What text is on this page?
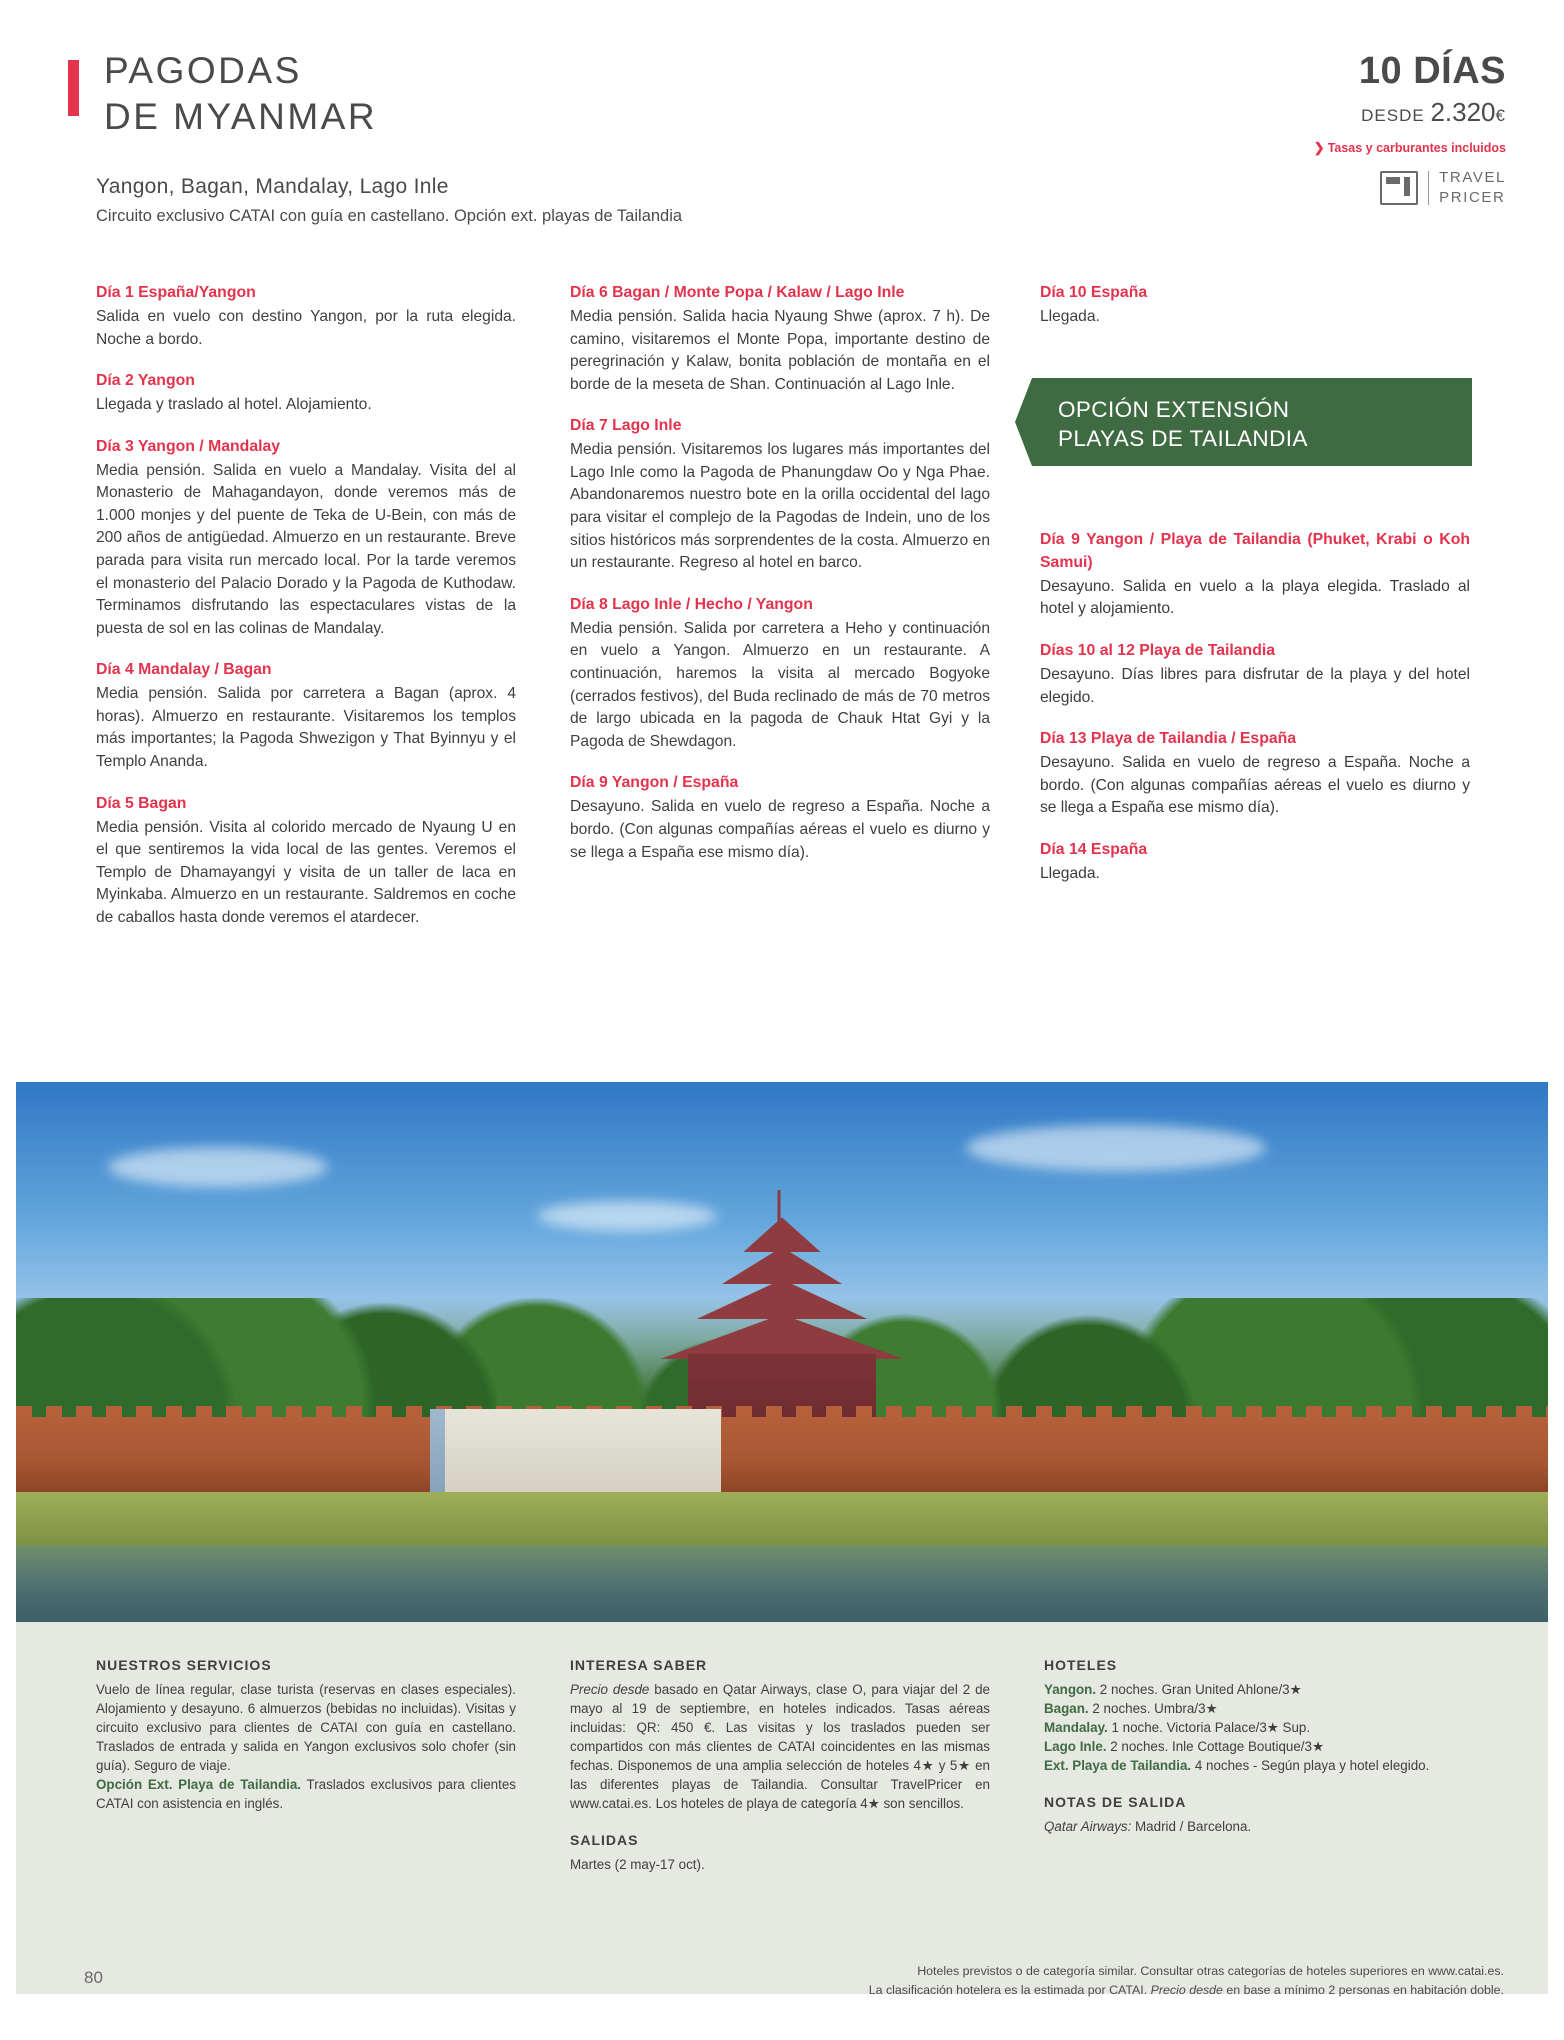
PAGODAS
DE MYANMAR
Yangon, Bagan, Mandalay, Lago Inle
Circuito exclusivo CATAI con guía en castellano. Opción ext. playas de Tailandia
10 DÍAS
DESDE 2.320€
❯ Tasas y carburantes incluidos
TRAVEL
PRICER
Día 1 España/Yangon
Salida en vuelo con destino Yangon, por la ruta elegida. Noche a bordo.
Día 2 Yangon
Llegada y traslado al hotel. Alojamiento.
Día 3 Yangon / Mandalay
Media pensión. Salida en vuelo a Mandalay. Visita del al Monasterio de Mahagandayon, donde veremos más de 1.000 monjes y del puente de Teka de U-Bein, con más de 200 años de antigüedad. Almuerzo en un restaurante. Breve parada para visita run mercado local. Por la tarde veremos el monasterio del Palacio Dorado y la Pagoda de Kuthodaw. Terminamos disfrutando las espectaculares vistas de la puesta de sol en las colinas de Mandalay.
Día 4 Mandalay / Bagan
Media pensión. Salida por carretera a Bagan (aprox. 4 horas). Almuerzo en restaurante. Visitaremos los templos más importantes; la Pagoda Shwezigon y That Byinnyu y el Templo Ananda.
Día 5 Bagan
Media pensión. Visita al colorido mercado de Nyaung U en el que sentiremos la vida local de las gentes. Veremos el Templo de Dhamayangyi y visita de un taller de laca en Myinkaba. Almuerzo en un restaurante. Saldremos en coche de caballos hasta donde veremos el atardecer.
Día 6 Bagan / Monte Popa / Kalaw / Lago Inle
Media pensión. Salida hacia Nyaung Shwe (aprox. 7 h). De camino, visitaremos el Monte Popa, importante destino de peregrinación y Kalaw, bonita población de montaña en el borde de la meseta de Shan. Continuación al Lago Inle.
Día 7 Lago Inle
Media pensión. Visitaremos los lugares más importantes del Lago Inle como la Pagoda de Phanungdaw Oo y Nga Phae. Abandonaremos nuestro bote en la orilla occidental del lago para visitar el complejo de la Pagodas de Indein, uno de los sitios históricos más sorprendentes de la costa. Almuerzo en un restaurante. Regreso al hotel en barco.
Día 8 Lago Inle / Hecho / Yangon
Media pensión. Salida por carretera a Heho y continuación en vuelo a Yangon. Almuerzo en un restaurante. A continuación, haremos la visita al mercado Bogyoke (cerrados festivos), del Buda reclinado de más de 70 metros de largo ubicada en la pagoda de Chauk Htat Gyi y la Pagoda de Shewdagon.
Día 9 Yangon / España
Desayuno. Salida en vuelo de regreso a España. Noche a bordo. (Con algunas compañías aéreas el vuelo es diurno y se llega a España ese mismo día).
Día 10 España
Llegada.
OPCIÓN EXTENSIÓN
PLAYAS DE TAILANDIA
Día 9 Yangon / Playa de Tailandia (Phuket, Krabi o Koh Samui)
Desayuno. Salida en vuelo a la playa elegida. Traslado al hotel y alojamiento.
Días 10 al 12 Playa de Tailandia
Desayuno. Días libres para disfrutar de la playa y del hotel elegido.
Día 13 Playa de Tailandia / España
Desayuno. Salida en vuelo de regreso a España. Noche a bordo. (Con algunas compañías aéreas el vuelo es diurno y se llega a España ese mismo día).
Día 14 España
Llegada.
NUESTROS SERVICIOS
Vuelo de línea regular, clase turista (reservas en clases especiales). Alojamiento y desayuno. 6 almuerzos (bebidas no incluidas). Visitas y circuito exclusivo para clientes de CATAI con guía en castellano. Traslados de entrada y salida en Yangon exclusivos solo chofer (sin guía). Seguro de viaje.
Opción Ext. Playa de Tailandia. Traslados exclusivos para clientes CATAI con asistencia en inglés.
INTERESA SABER
Precio desde basado en Qatar Airways, clase O, para viajar del 2 de mayo al 19 de septiembre, en hoteles indicados. Tasas aéreas incluidas: QR: 450 €. Las visitas y los traslados pueden ser compartidos con más clientes de CATAI coincidentes en las mismas fechas. Disponemos de una amplia selección de hoteles 4★ y 5★ en las diferentes playas de Tailandia. Consultar TravelPricer en www.catai.es. Los hoteles de playa de categoría 4★ son sencillos.
SALIDAS
Martes (2 may-17 oct).
HOTELES
Yangon. 2 noches. Gran United Ahlone/3★
Bagan. 2 noches. Umbra/3★
Mandalay. 1 noche. Victoria Palace/3★ Sup.
Lago Inle. 2 noches. Inle Cottage Boutique/3★
Ext. Playa de Tailandia. 4 noches - Según playa y hotel elegido.
NOTAS DE SALIDA
Qatar Airways: Madrid / Barcelona.
80	Hoteles previstos o de categoría similar. Consultar otras categorías de hoteles superiores en www.catai.es.
La clasificación hotelera es la estimada por CATAI. Precio desde en base a mínimo 2 personas en habitación doble.
